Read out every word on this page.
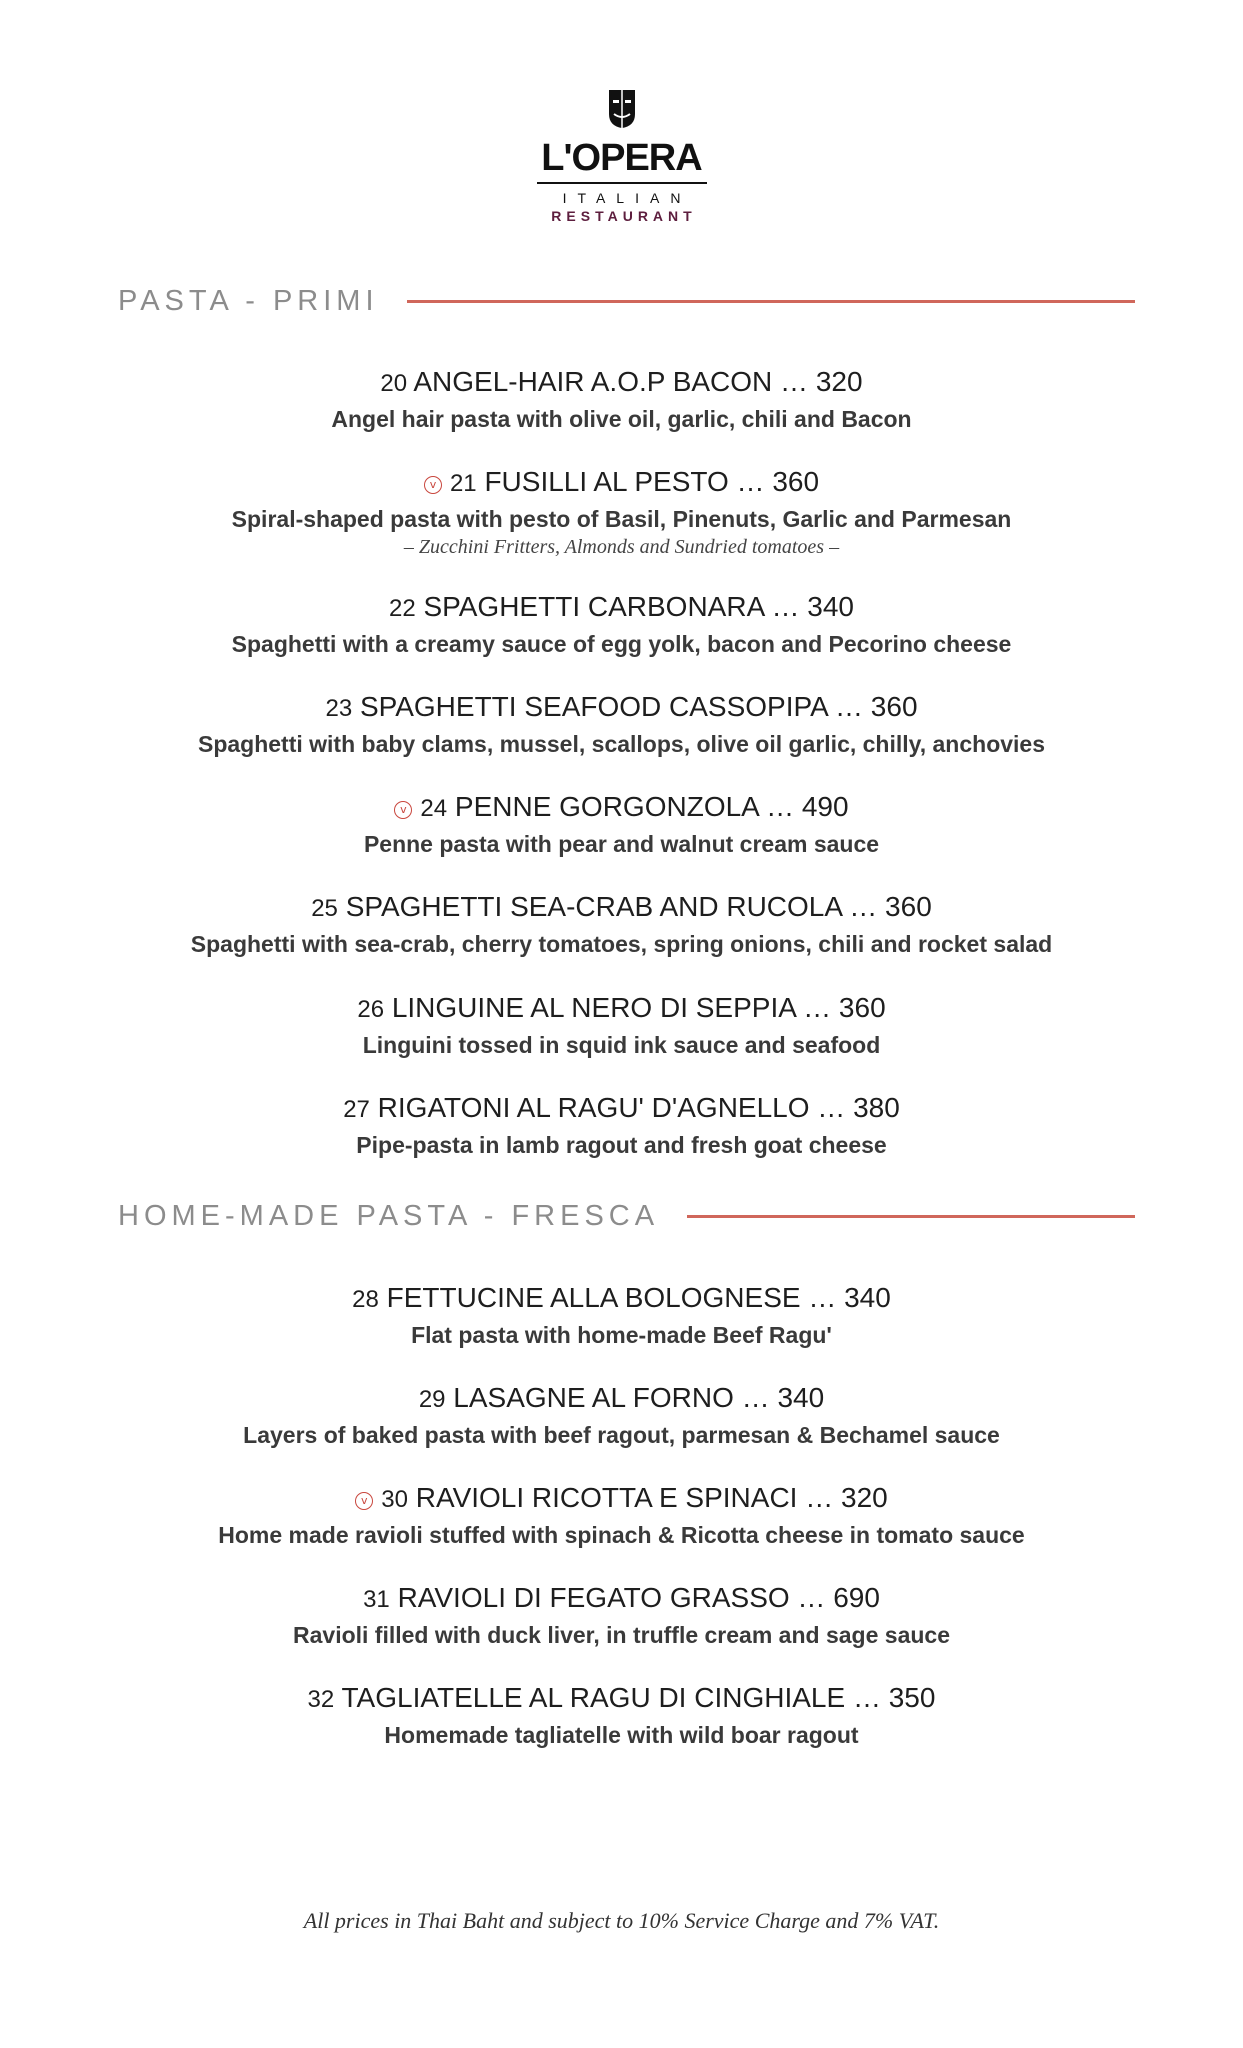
L'OPERA
ITALIAN
RESTAURANT
PASTA - PRIMI
20 ANGEL-HAIR A.O.P BACON … 320
Angel hair pasta with olive oil, garlic, chili and Bacon
v 21 FUSILLI AL PESTO … 360
Spiral-shaped pasta with pesto of Basil, Pinenuts, Garlic and Parmesan
– Zucchini Fritters, Almonds and Sundried tomatoes –
22 SPAGHETTI CARBONARA … 340
Spaghetti with a creamy sauce of egg yolk, bacon and Pecorino cheese
23 SPAGHETTI SEAFOOD CASSOPIPA … 360
Spaghetti with baby clams, mussel, scallops, olive oil garlic, chilly, anchovies
v 24 PENNE GORGONZOLA … 490
Penne pasta with pear and walnut cream sauce
25 SPAGHETTI SEA-CRAB AND RUCOLA … 360
Spaghetti with sea-crab, cherry tomatoes, spring onions, chili and rocket salad
26 LINGUINE AL NERO DI SEPPIA … 360
Linguini tossed in squid ink sauce and seafood
27 RIGATONI AL RAGU' D'AGNELLO … 380
Pipe-pasta in lamb ragout and fresh goat cheese
HOME-MADE PASTA - FRESCA
28 FETTUCINE ALLA BOLOGNESE … 340
Flat pasta with home-made Beef Ragu'
29 LASAGNE AL FORNO … 340
Layers of baked pasta with beef ragout, parmesan & Bechamel sauce
v 30 RAVIOLI RICOTTA E SPINACI … 320
Home made ravioli stuffed with spinach & Ricotta cheese in tomato sauce
31 RAVIOLI DI FEGATO GRASSO … 690
Ravioli filled with duck liver, in truffle cream and sage sauce
32 TAGLIATELLE AL RAGU DI CINGHIALE … 350
Homemade tagliatelle with wild boar ragout
All prices in Thai Baht and subject to 10% Service Charge and 7% VAT.
